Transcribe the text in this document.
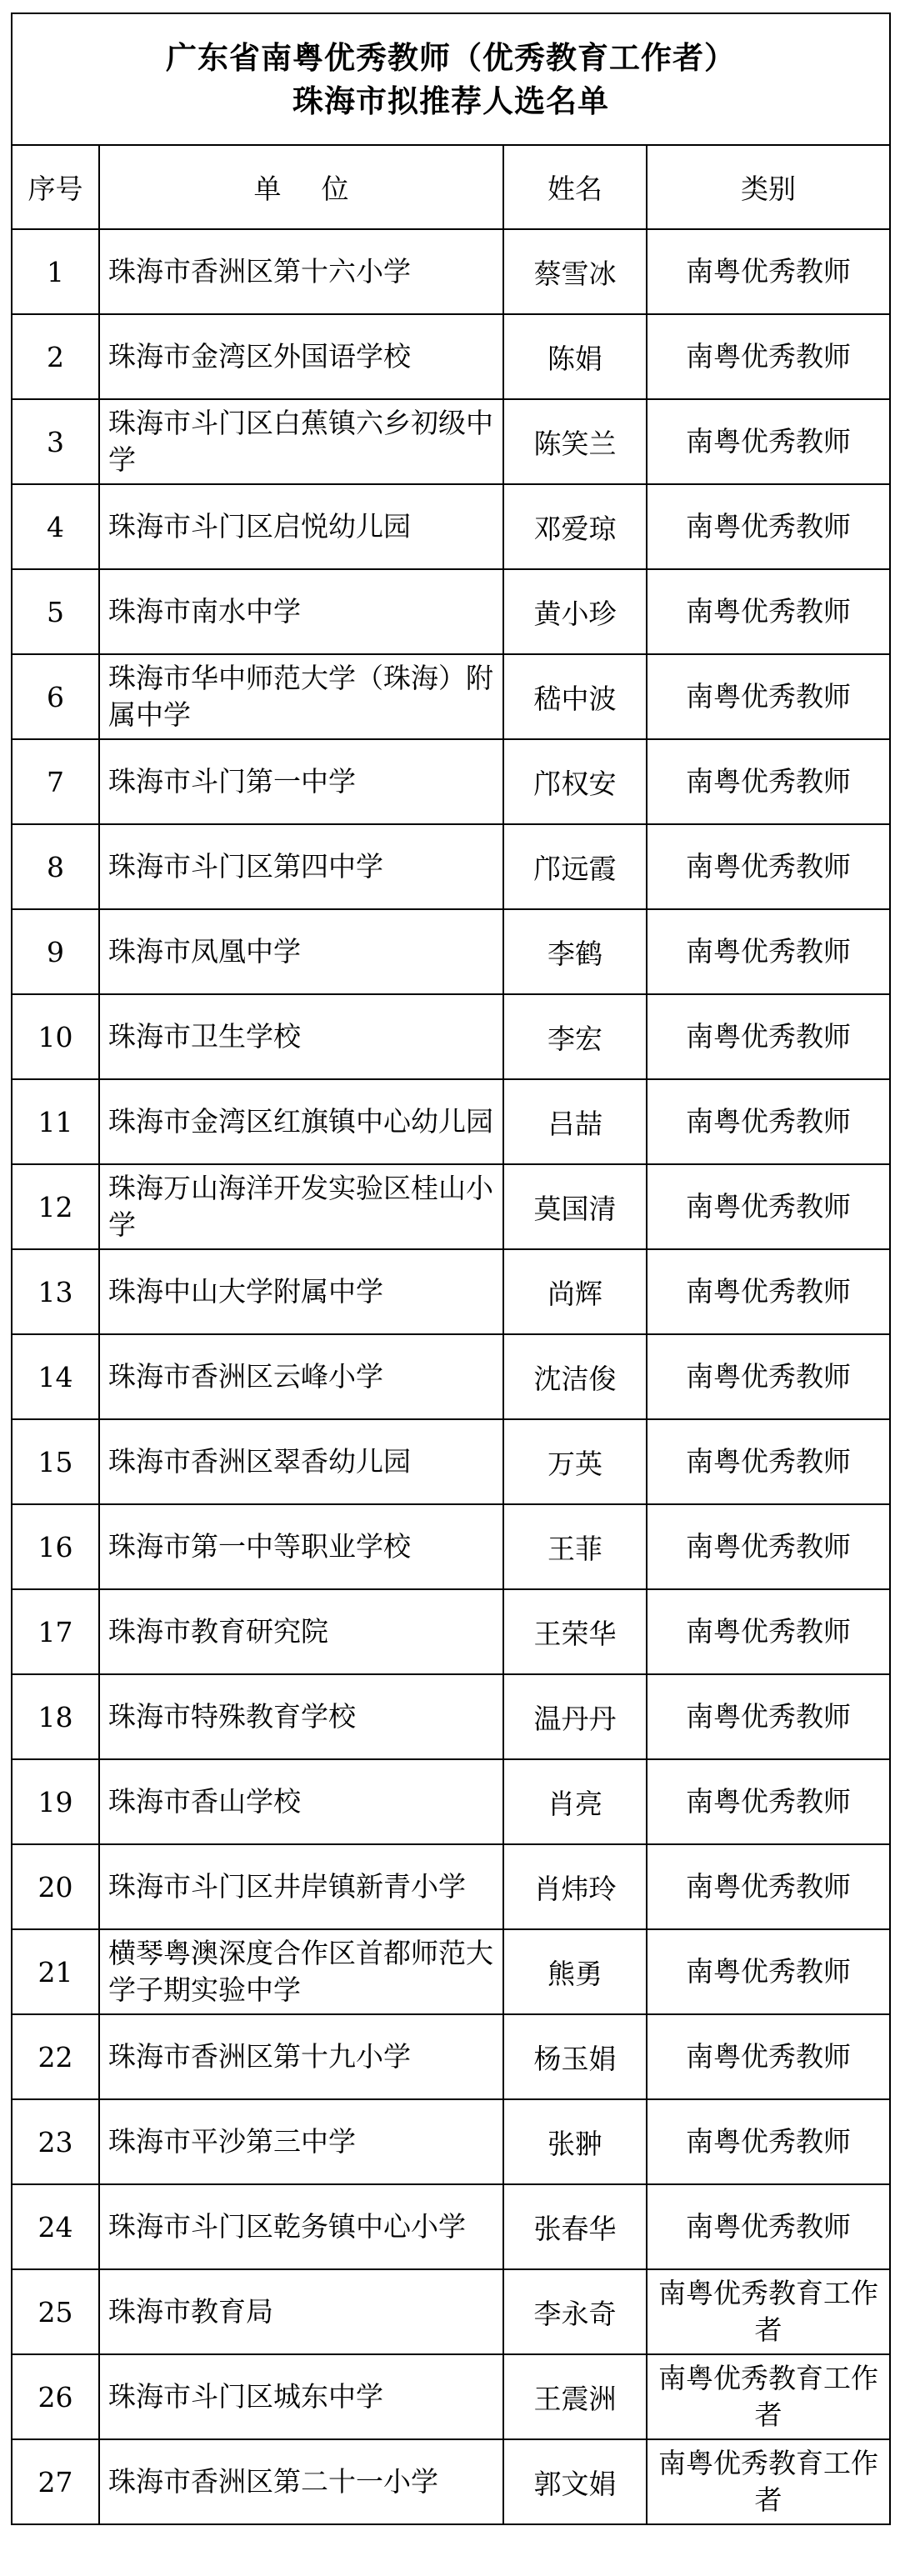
广东省南粤优秀教师（优秀教育工作者）
珠海市拟推荐人选名单			

序号	单位	姓名	类别
1	珠海市香洲区第十六小学	蔡雪冰	南粤优秀教师

2	珠海市金湾区外国语学校	陈娟	南粤优秀教师

3	珠海市斗门区白蕉镇六乡初级中学	陈笑兰	南粤优秀教师

4	珠海市斗门区启悦幼儿园	邓爱琼	南粤优秀教师

5	珠海市南水中学	黄小珍	南粤优秀教师

6	珠海市华中师范大学（珠海）附属中学	嵇中波	南粤优秀教师

7	珠海市斗门第一中学	邝权安	南粤优秀教师

8	珠海市斗门区第四中学	邝远霞	南粤优秀教师

9	珠海市凤凰中学	李鹤	南粤优秀教师

10	珠海市卫生学校	李宏	南粤优秀教师

11	珠海市金湾区红旗镇中心幼儿园	吕喆	南粤优秀教师

12	珠海万山海洋开发实验区桂山小学	莫国清	南粤优秀教师

13	珠海中山大学附属中学	尚辉	南粤优秀教师

14	珠海市香洲区云峰小学	沈洁俊	南粤优秀教师

15	珠海市香洲区翠香幼儿园	万英	南粤优秀教师

16	珠海市第一中等职业学校	王菲	南粤优秀教师

17	珠海市教育研究院	王荣华	南粤优秀教师

18	珠海市特殊教育学校	温丹丹	南粤优秀教师

19	珠海市香山学校	肖亮	南粤优秀教师

20	珠海市斗门区井岸镇新青小学	肖炜玲	南粤优秀教师

21	横琴粤澳深度合作区首都师范大学子期实验中学	熊勇	南粤优秀教师

22	珠海市香洲区第十九小学	杨玉娟	南粤优秀教师

23	珠海市平沙第三中学	张翀	南粤优秀教师

24	珠海市斗门区乾务镇中心小学	张春华	南粤优秀教师

25	珠海市教育局	李永奇	南粤优秀教育工作者

26	珠海市斗门区城东中学	王震洲	南粤优秀教育工作者

27	珠海市香洲区第二十一小学	郭文娟	南粤优秀教育工作者
